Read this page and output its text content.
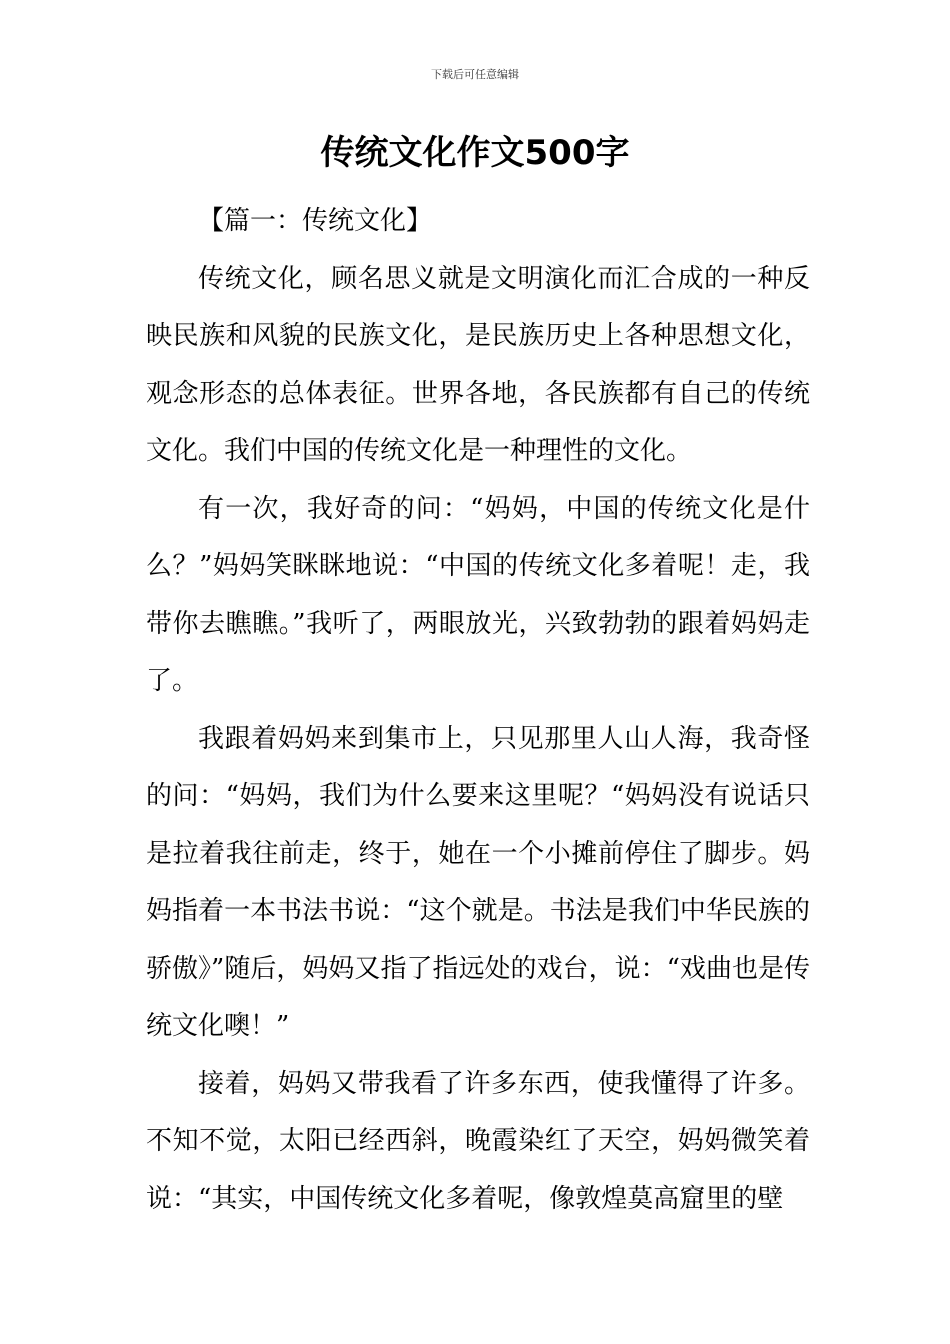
下载后可任意编辑
传统文化作文500字

【篇一：传统文化】

传统文化，顾名思义就是文明演化而汇合成的一种反映民族和风貌的民族文化，是民族历史上各种思想文化，观念形态的总体表征。世界各地，各民族都有自己的传统文化。我们中国的传统文化是一种理性的文化。

有一次，我好奇的问：“妈妈，中国的传统文化是什么？”妈妈笑眯眯地说：“中国的传统文化多着呢！走，我带你去瞧瞧。”我听了，两眼放光，兴致勃勃的跟着妈妈走了。

我跟着妈妈来到集市上，只见那里人山人海，我奇怪的问：“妈妈，我们为什么要来这里呢？“妈妈没有说话只是拉着我往前走，终于，她在一个小摊前停住了脚步。妈妈指着一本书法书说：“这个就是。书法是我们中华民族的骄傲》”随后，妈妈又指了指远处的戏台，说：“戏曲也是传统文化噢！”

接着，妈妈又带我看了许多东西，使我懂得了许多。不知不觉，太阳已经西斜，晚霞染红了天空，妈妈微笑着说：“其实，中国传统文化多着呢，像敦煌莫高窟里的壁
